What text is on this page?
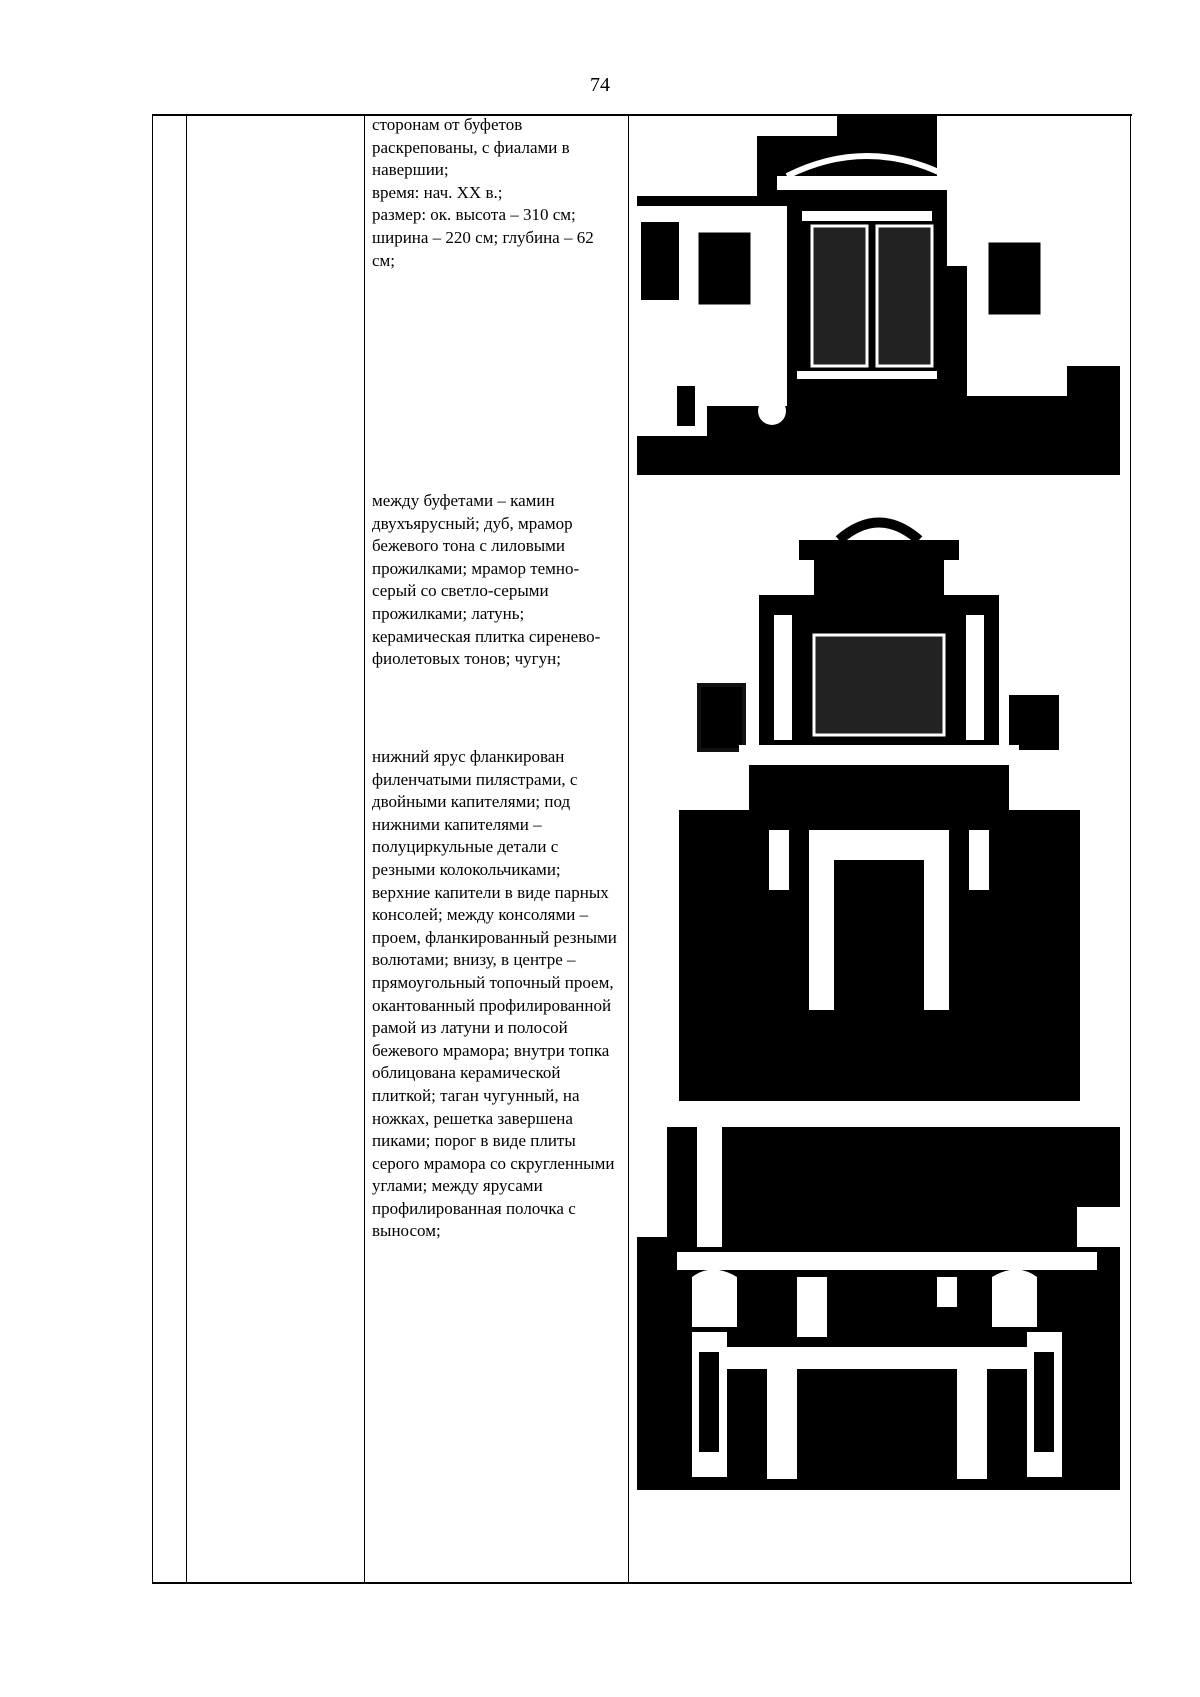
74
сторонам от буфетов раскрепованы, с фиалами в навершии;
время: нач. XX в.;
размер: ок. высота – 310 см; ширина – 220 см; глубина – 62 см;
между буфетами – камин двухъярусный; дуб, мрамор бежевого тона с лиловыми прожилками; мрамор темно-серый со светло-серыми прожилками; латунь; керамическая плитка сиренево-фиолетовых тонов; чугун;
нижний ярус фланкирован филенчатыми пилястрами, с двойными капителями; под нижними капителями – полуциркульные детали с резными колокольчиками; верхние капители в виде парных консолей; между консолями – проем, фланкированный резными волютами; внизу, в центре – прямоугольный топочный проем, окантованный профилированной рамой из латуни и полосой бежевого мрамора; внутри топка облицована керамической плиткой; таган чугунный, на ножках, решетка завершена пиками; порог в виде плиты серого мрамора со скругленными углами; между ярусами профилированная полочка с выносом;
